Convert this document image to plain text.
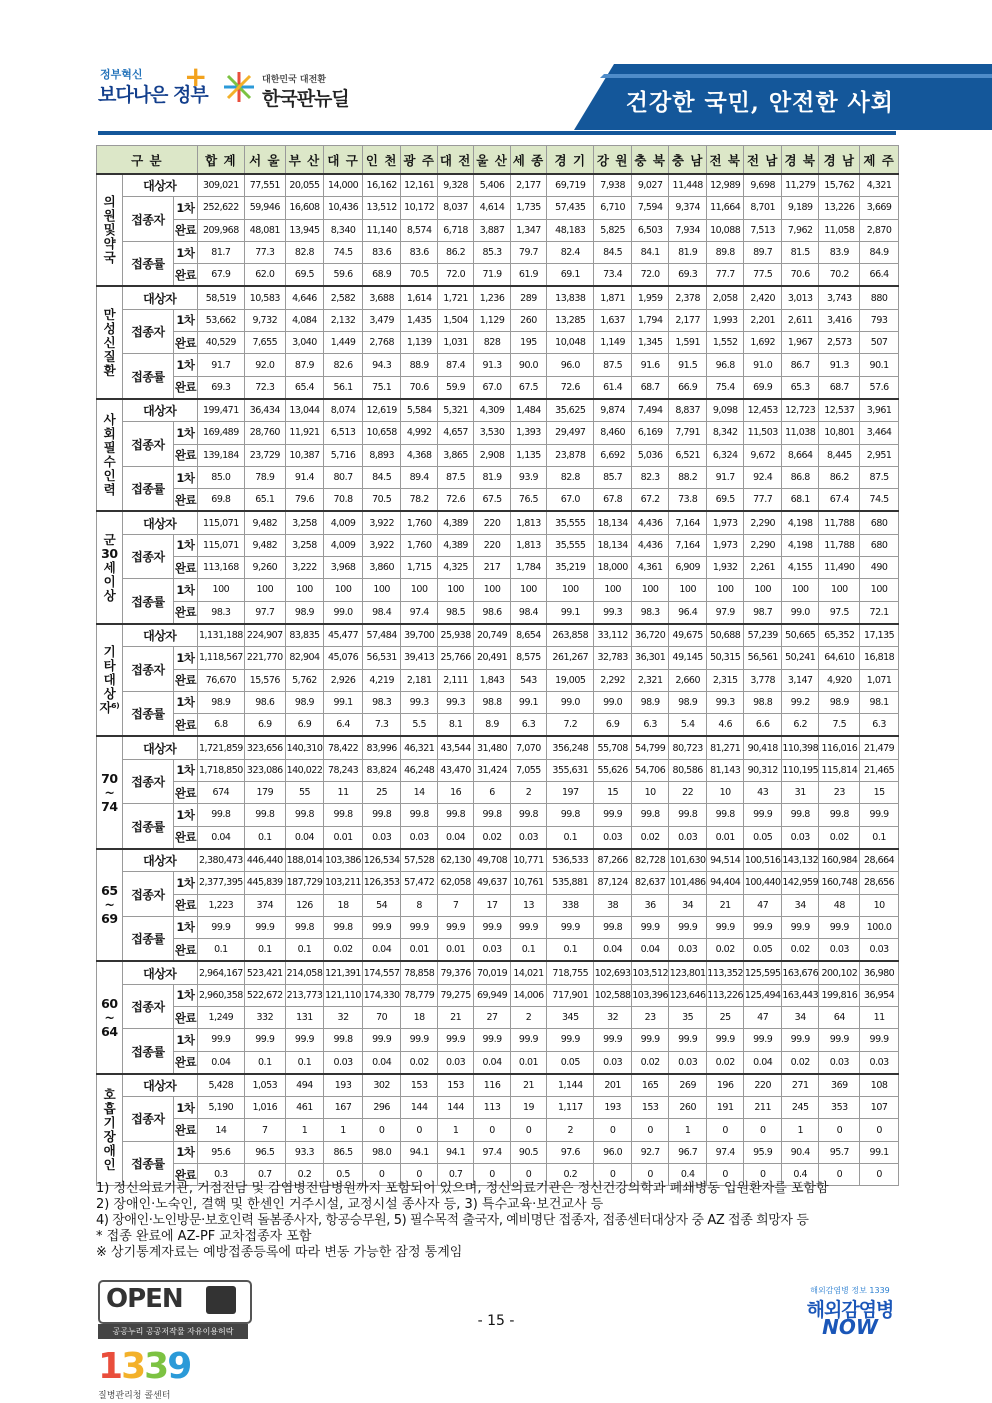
정부혁신
보다나은 정부
+	대한민국 대전환
한국판뉴딜	건강한 국민, 안전한 사회
구 분			합 계	서 울	부 산	대 구	인 천	광 주	대 전	울 산	세 종	경 기	강 원	충 북	충 남	전 북	전 남	경 북	경 남	제 주
의원 및 약국	대상자		309,021	77,551	20,055	14,000	16,162	12,161	9,328	5,406	2,177	69,719	7,938	9,027	11,448	12,989	9,698	11,279	15,762	4,321
	접종자	1차	252,622	59,946	16,608	10,436	13,512	10,172	8,037	4,614	1,735	57,435	6,710	7,594	9,374	11,664	8,701	9,189	13,226	3,669
		완료	209,968	48,081	13,945	8,340	11,140	8,574	6,718	3,887	1,347	48,183	5,825	6,503	7,934	10,088	7,513	7,962	11,058	2,870
	접종률	1차	81.7	77.3	82.8	74.5	83.6	83.6	86.2	85.3	79.7	82.4	84.5	84.1	81.9	89.8	89.7	81.5	83.9	84.9
		완료	67.9	62.0	69.5	59.6	68.9	70.5	72.0	71.9	61.9	69.1	73.4	72.0	69.3	77.7	77.5	70.6	70.2	66.4
만성신질환	대상자		58,519	10,583	4,646	2,582	3,688	1,614	1,721	1,236	289	13,838	1,871	1,959	2,378	2,058	2,420	3,013	3,743	880
	접종자	1차	53,662	9,732	4,084	2,132	3,479	1,435	1,504	1,129	260	13,285	1,637	1,794	2,177	1,993	2,201	2,611	3,416	793
		완료	40,529	7,655	3,040	1,449	2,768	1,139	1,031	828	195	10,048	1,149	1,345	1,591	1,552	1,692	1,967	2,573	507
	접종률	1차	91.7	92.0	87.9	82.6	94.3	88.9	87.4	91.3	90.0	96.0	87.5	91.6	91.5	96.8	91.0	86.7	91.3	90.1
		완료	69.3	72.3	65.4	56.1	75.1	70.6	59.9	67.0	67.5	72.6	61.4	68.7	66.9	75.4	69.9	65.3	68.7	57.6
사회필수인력	대상자		199,471	36,434	13,044	8,074	12,619	5,584	5,321	4,309	1,484	35,625	9,874	7,494	8,837	9,098	12,453	12,723	12,537	3,961
	접종자	1차	169,489	28,760	11,921	6,513	10,658	4,992	4,657	3,530	1,393	29,497	8,460	6,169	7,791	8,342	11,503	11,038	10,801	3,464
		완료	139,184	23,729	10,387	5,716	8,893	4,368	3,865	2,908	1,135	23,878	6,692	5,036	6,521	6,324	9,672	8,664	8,445	2,951
	접종률	1차	85.0	78.9	91.4	80.7	84.5	89.4	87.5	81.9	93.9	82.8	85.7	82.3	88.2	91.7	92.4	86.8	86.2	87.5
		완료	69.8	65.1	79.6	70.8	70.5	78.2	72.6	67.5	76.5	67.0	67.8	67.2	73.8	69.5	77.7	68.1	67.4	74.5
군 30세 이상	대상자		115,071	9,482	3,258	4,009	3,922	1,760	4,389	220	1,813	35,555	18,134	4,436	7,164	1,973	2,290	4,198	11,788	680
	접종자	1차	115,071	9,482	3,258	4,009	3,922	1,760	4,389	220	1,813	35,555	18,134	4,436	7,164	1,973	2,290	4,198	11,788	680
		완료	113,168	9,260	3,222	3,968	3,860	1,715	4,325	217	1,784	35,219	18,000	4,361	6,909	1,932	2,261	4,155	11,490	490
	접종률	1차	100	100	100	100	100	100	100	100	100	100	100	100	100	100	100	100	100	100
		완료	98.3	97.7	98.9	99.0	98.4	97.4	98.5	98.6	98.4	99.1	99.3	98.3	96.4	97.9	98.7	99.0	97.5	72.1
기타대상자⁶⁾	대상자		1,131,188	224,907	83,835	45,477	57,484	39,700	25,938	20,749	8,654	263,858	33,112	36,720	49,675	50,688	57,239	50,665	65,352	17,135
	접종자	1차	1,118,567	221,770	82,904	45,076	56,531	39,413	25,766	20,491	8,575	261,267	32,783	36,301	49,145	50,315	56,561	50,241	64,610	16,818
		완료	76,670	15,576	5,762	2,926	4,219	2,181	2,111	1,843	543	19,005	2,292	2,321	2,660	2,315	3,778	3,147	4,920	1,071
	접종률	1차	98.9	98.6	98.9	99.1	98.3	99.3	99.3	98.8	99.1	99.0	99.0	98.9	98.9	99.3	98.8	99.2	98.9	98.1
		완료	6.8	6.9	6.9	6.4	7.3	5.5	8.1	8.9	6.3	7.2	6.9	6.3	5.4	4.6	6.6	6.2	7.5	6.3
70 ~ 74	대상자		1,721,859	323,656	140,310	78,422	83,996	46,321	43,544	31,480	7,070	356,248	55,708	54,799	80,723	81,271	90,418	110,398	116,016	21,479
	접종자	1차	1,718,850	323,086	140,022	78,243	83,824	46,248	43,470	31,424	7,055	355,631	55,626	54,706	80,586	81,143	90,312	110,195	115,814	21,465
		완료	674	179	55	11	25	14	16	6	2	197	15	10	22	10	43	31	23	15
	접종률	1차	99.8	99.8	99.8	99.8	99.8	99.8	99.8	99.8	99.8	99.8	99.9	99.8	99.8	99.8	99.9	99.8	99.8	99.9
		완료	0.04	0.1	0.04	0.01	0.03	0.03	0.04	0.02	0.03	0.1	0.03	0.02	0.03	0.01	0.05	0.03	0.02	0.1
65 ~ 69	대상자		2,380,473	446,440	188,014	103,386	126,534	57,528	62,130	49,708	10,771	536,533	87,266	82,728	101,630	94,514	100,516	143,132	160,984	28,664
	접종자	1차	2,377,395	445,839	187,729	103,211	126,353	57,472	62,058	49,637	10,761	535,881	87,124	82,637	101,486	94,404	100,440	142,959	160,748	28,656
		완료	1,223	374	126	18	54	8	7	17	13	338	38	36	34	21	47	34	48	10
	접종률	1차	99.9	99.9	99.8	99.8	99.9	99.9	99.9	99.9	99.9	99.9	99.8	99.9	99.9	99.9	99.9	99.9	99.9	100.0
		완료	0.1	0.1	0.1	0.02	0.04	0.01	0.01	0.03	0.1	0.1	0.04	0.04	0.03	0.02	0.05	0.02	0.03	0.03
60 ~ 64	대상자		2,964,167	523,421	214,058	121,391	174,557	78,858	79,376	70,019	14,021	718,755	102,693	103,512	123,801	113,352	125,595	163,676	200,102	36,980
	접종자	1차	2,960,358	522,672	213,773	121,110	174,330	78,779	79,275	69,949	14,006	717,901	102,588	103,396	123,646	113,226	125,494	163,443	199,816	36,954
		완료	1,249	332	131	32	70	18	21	27	2	345	32	23	35	25	47	34	64	11
	접종률	1차	99.9	99.9	99.9	99.8	99.9	99.9	99.9	99.9	99.9	99.9	99.9	99.9	99.9	99.9	99.9	99.9	99.9	99.9
		완료	0.04	0.1	0.1	0.03	0.04	0.02	0.03	0.04	0.01	0.05	0.03	0.02	0.03	0.02	0.04	0.02	0.03	0.03
호흡기장애인	대상자		5,428	1,053	494	193	302	153	153	116	21	1,144	201	165	269	196	220	271	369	108
	접종자	1차	5,190	1,016	461	167	296	144	144	113	19	1,117	193	153	260	191	211	245	353	107
		완료	14	7	1	1	0	0	1	0	0	2	0	0	1	0	0	1	0	0
	접종률	1차	95.6	96.5	93.3	86.5	98.0	94.1	94.1	97.4	90.5	97.6	96.0	92.7	96.7	97.4	95.9	90.4	95.7	99.1
		완료	0.3	0.7	0.2	0.5	0	0	0.7	0	0	0.2	0	0	0.4	0	0	0.4	0	0
1) 정신의료기관, 거점전담 및 감염병전담병원까지 포함되어 있으며, 정신의료기관은 정신건강의학과 폐쇄병동 입원환자를 포함함
2) 장애인·노숙인, 결핵 및 한센인 거주시설, 교정시설 종사자 등, 3) 특수교육·보건교사 등
4) 장애인·노인방문·보호인력 돌봄종사자, 항공승무원, 5) 필수목적 출국자, 예비명단 접종자, 접종센터대상자 중 AZ 접종 희망자 등
* 접종 완료에 AZ-PF 교차접종자 포함
※ 상기통계자료는 예방접종등록에 따라 변동 가능한 잠정 통계임
OPEN
공공누리 공공저작물 자유이용허락
- 15 -
1339
질병관리청 콜센터
해외감염병 정보 1339
해외감염병
NOW
